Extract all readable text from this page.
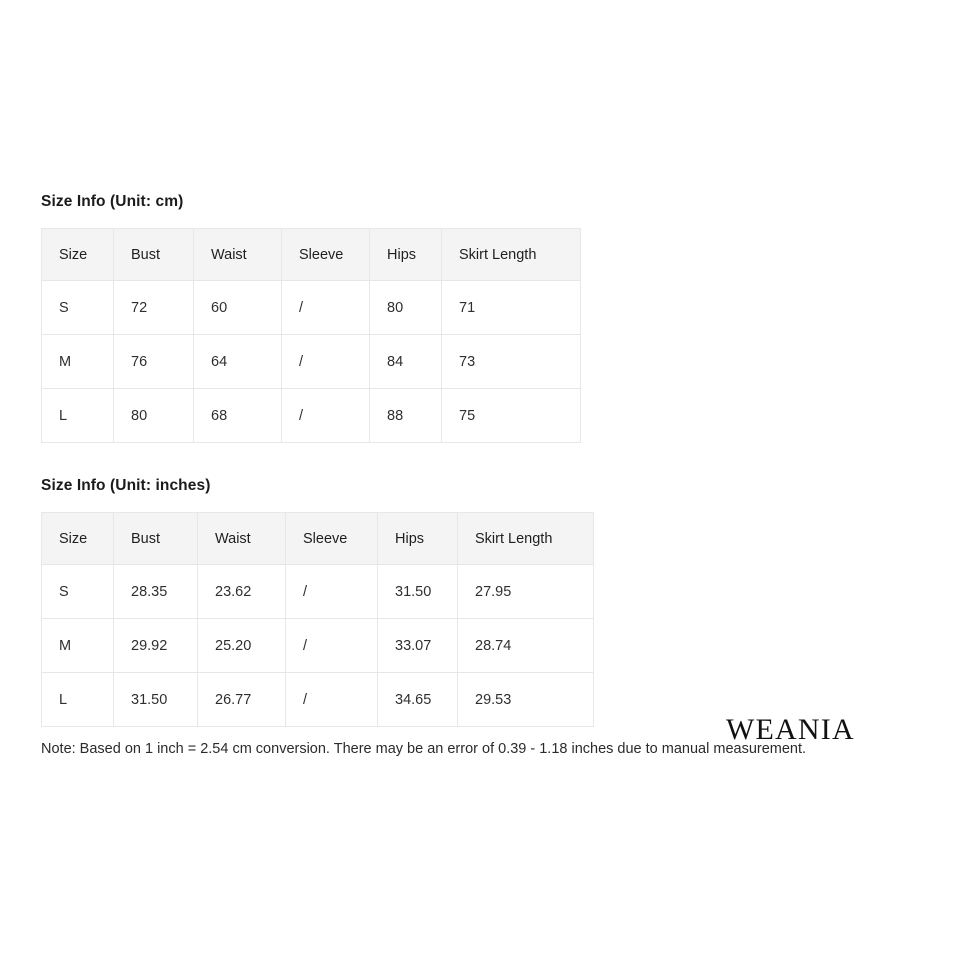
Size Info (Unit: cm)
Size	Bust	Waist	Sleeve	Hips	Skirt Length
S	72	60	/	80	71
M	76	64	/	84	73
L	80	68	/	88	75
Size Info (Unit: inches)
Size	Bust	Waist	Sleeve	Hips	Skirt Length
S	28.35	23.62	/	31.50	27.95
M	29.92	25.20	/	33.07	28.74
L	31.50	26.77	/	34.65	29.53
WEANIA
Note: Based on 1 inch = 2.54 cm conversion. There may be an error of 0.39 - 1.18 inches due to manual measurement.
